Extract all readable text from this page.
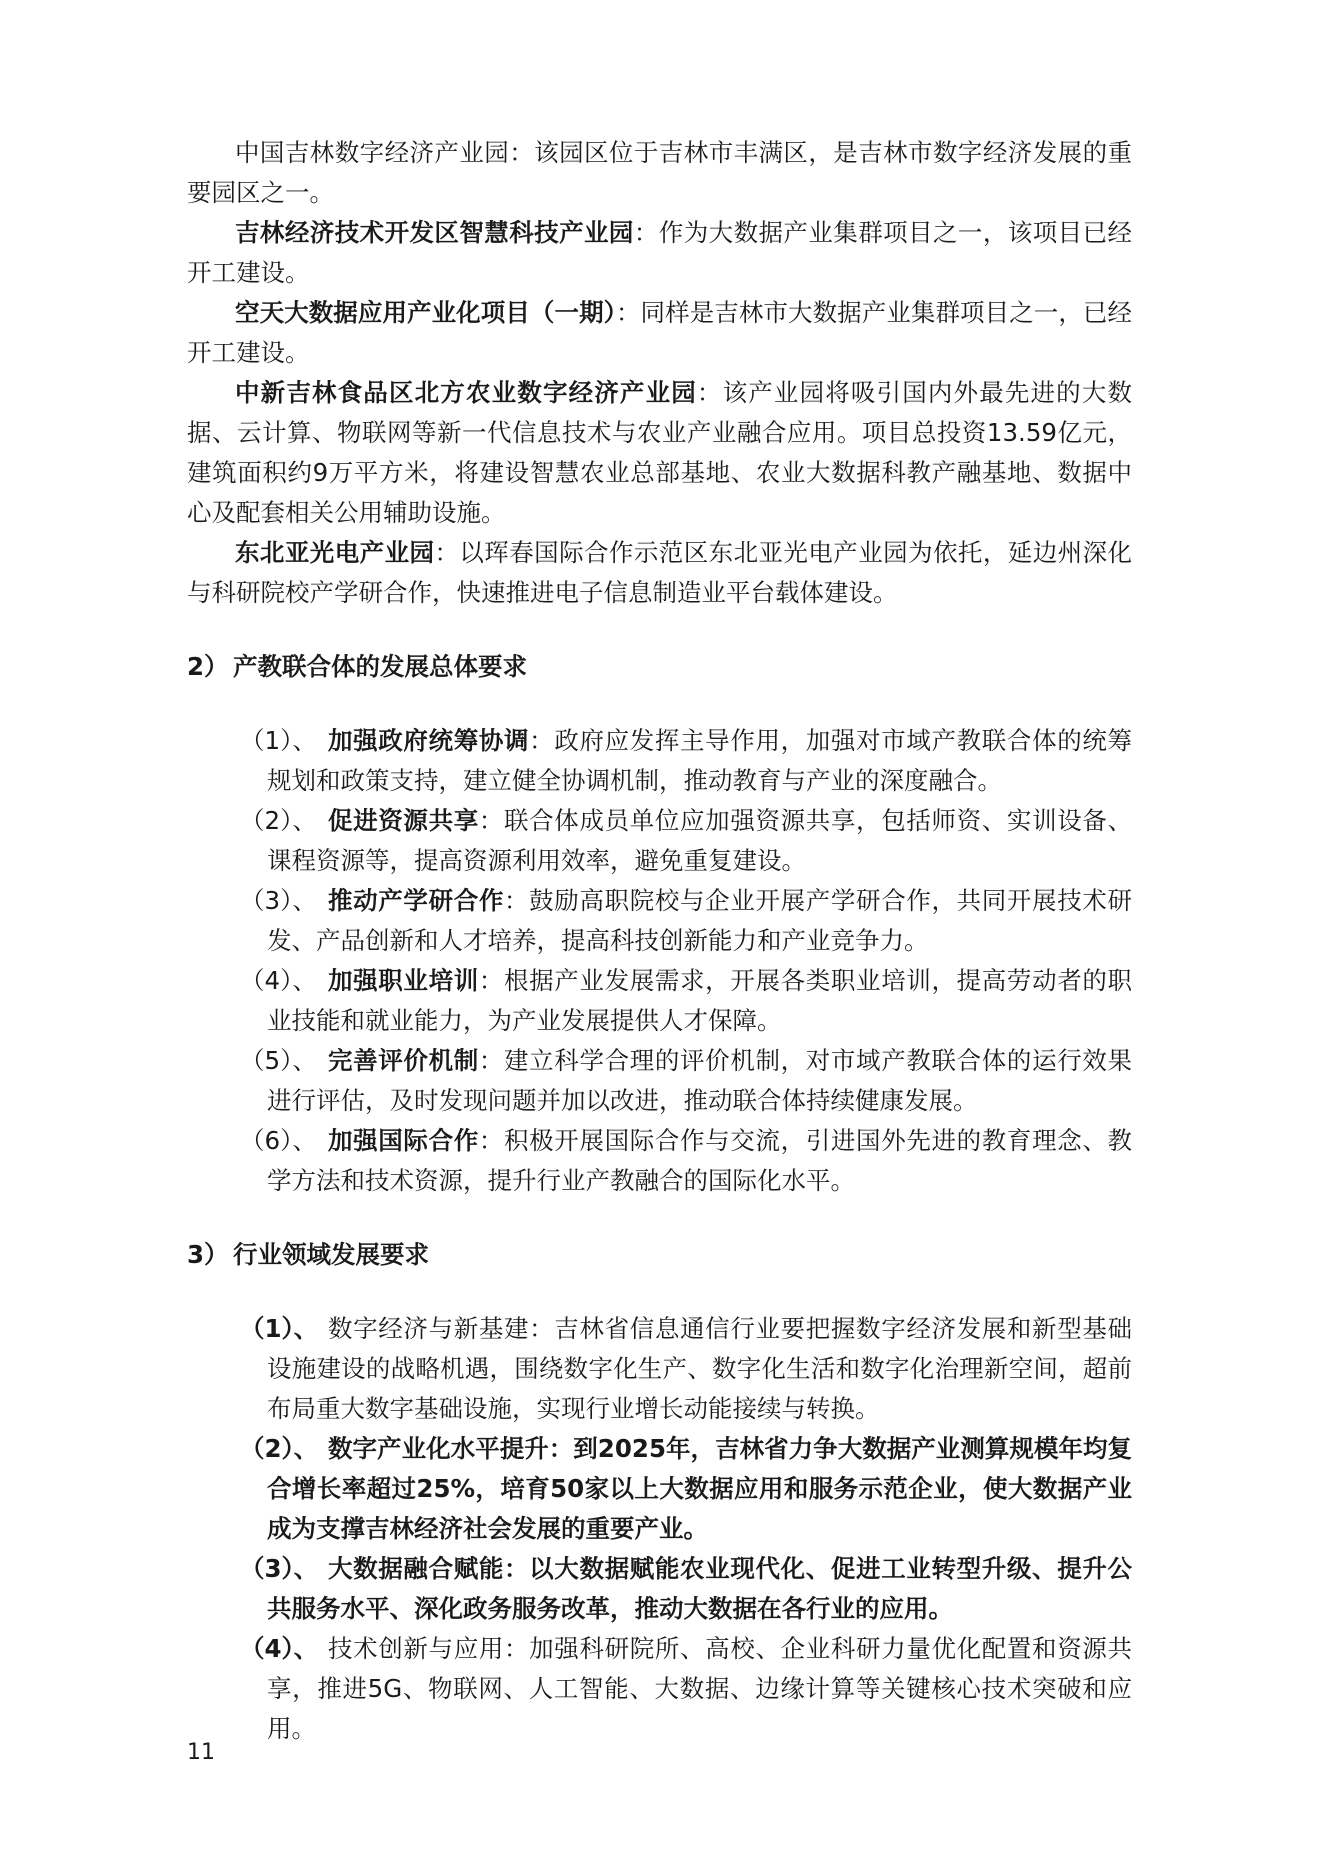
中国吉林数字经济产业园：该园区位于吉林市丰满区，是吉林市数字经济发展的重要园区之一。

吉林经济技术开发区智慧科技产业园：作为大数据产业集群项目之一，该项目已经开工建设。

空天大数据应用产业化项目（一期）：同样是吉林市大数据产业集群项目之一，已经开工建设。

中新吉林食品区北方农业数字经济产业园：该产业园将吸引国内外最先进的大数据、云计算、物联网等新一代信息技术与农业产业融合应用。项目总投资13.59亿元，建筑面积约9万平方米，将建设智慧农业总部基地、农业大数据科教产融基地、数据中心及配套相关公用辅助设施。

东北亚光电产业园：以珲春国际合作示范区东北亚光电产业园为依托，延边州深化与科研院校产学研合作，快速推进电子信息制造业平台载体建设。

2） 产教联合体的发展总体要求

（1）、 加强政府统筹协调：政府应发挥主导作用，加强对市域产教联合体的统筹规划和政策支持，建立健全协调机制，推动教育与产业的深度融合。

（2）、 促进资源共享：联合体成员单位应加强资源共享，包括师资、实训设备、课程资源等，提高资源利用效率，避免重复建设。

（3）、 推动产学研合作：鼓励高职院校与企业开展产学研合作，共同开展技术研发、产品创新和人才培养，提高科技创新能力和产业竞争力。

（4）、 加强职业培训：根据产业发展需求，开展各类职业培训，提高劳动者的职业技能和就业能力，为产业发展提供人才保障。

（5）、 完善评价机制：建立科学合理的评价机制，对市域产教联合体的运行效果进行评估，及时发现问题并加以改进，推动联合体持续健康发展。

（6）、 加强国际合作：积极开展国际合作与交流，引进国外先进的教育理念、教学方法和技术资源，提升行业产教融合的国际化水平。

3） 行业领域发展要求

（1）、 数字经济与新基建：吉林省信息通信行业要把握数字经济发展和新型基础设施建设的战略机遇，围绕数字化生产、数字化生活和数字化治理新空间，超前布局重大数字基础设施，实现行业增长动能接续与转换。

（2）、 数字产业化水平提升：到2025年，吉林省力争大数据产业测算规模年均复合增长率超过25%，培育50家以上大数据应用和服务示范企业，使大数据产业成为支撑吉林经济社会发展的重要产业。

（3）、 大数据融合赋能：以大数据赋能农业现代化、促进工业转型升级、提升公共服务水平、深化政务服务改革，推动大数据在各行业的应用。

（4）、 技术创新与应用：加强科研院所、高校、企业科研力量优化配置和资源共享，推进5G、物联网、人工智能、大数据、边缘计算等关键核心技术突破和应用。

11
